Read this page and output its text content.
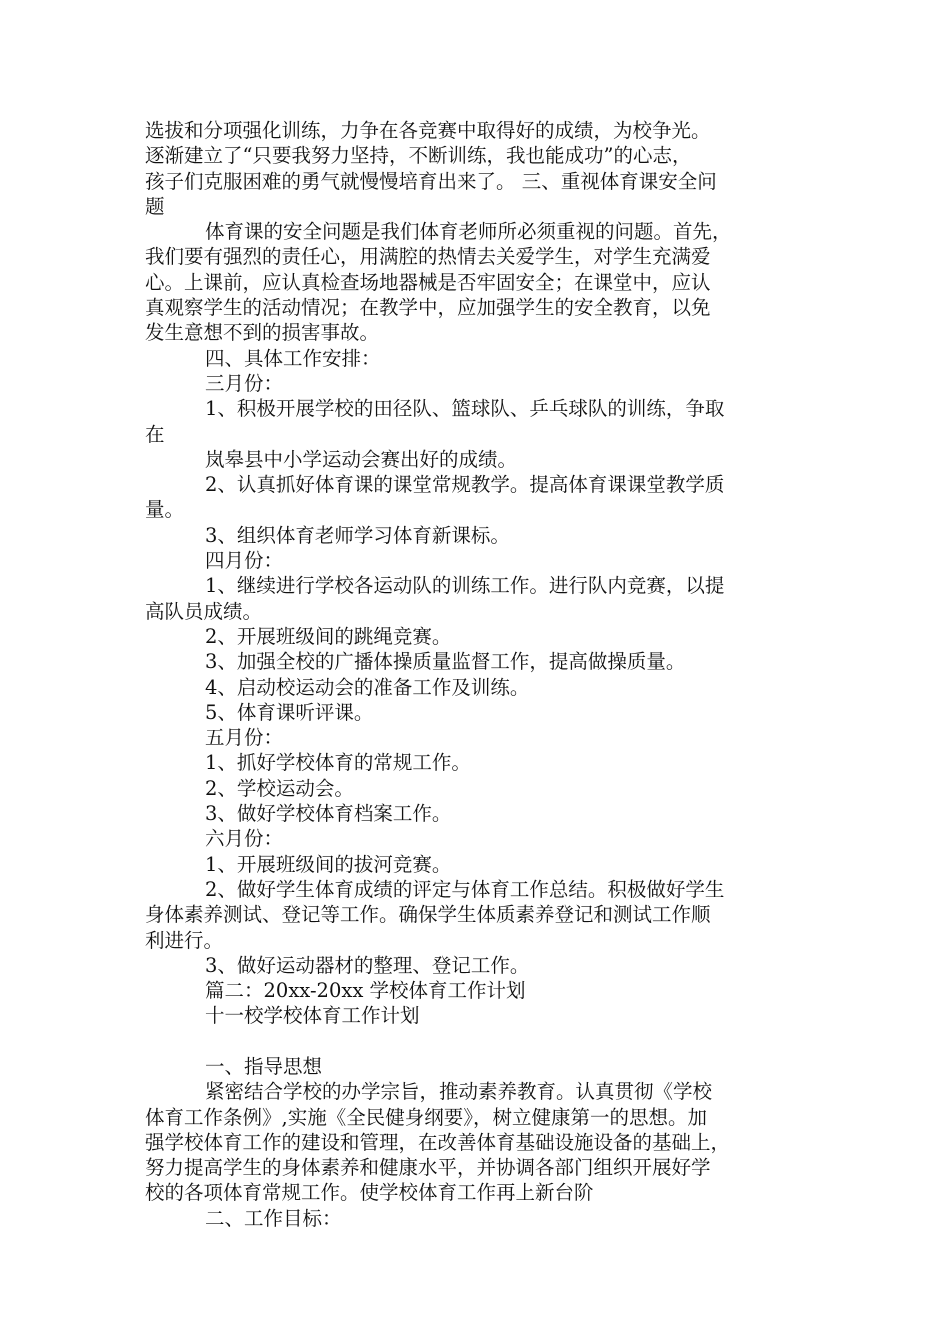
选拔和分项强化训练，力争在各竞赛中取得好的成绩，为校争光。
逐渐建立了“只要我努力坚持，不断训练，我也能成功”的心志，
孩子们克服困难的勇气就慢慢培育出来了。 三、重视体育课安全问
题
体育课的安全问题是我们体育老师所必须重视的问题。首先，
我们要有强烈的责任心，用满腔的热情去关爱学生，对学生充满爱
心。上课前，应认真检查场地器械是否牢固安全；在课堂中，应认
真观察学生的活动情况；在教学中，应加强学生的安全教育，以免
发生意想不到的损害事故。
四、具体工作安排：
三月份：
1、积极开展学校的田径队、篮球队、乒乓球队的训练，争取
在
岚皋县中小学运动会赛出好的成绩。
2、认真抓好体育课的课堂常规教学。提高体育课课堂教学质
量。
3、组织体育老师学习体育新课标。
四月份：
1、继续进行学校各运动队的训练工作。进行队内竞赛，以提
高队员成绩。
2、开展班级间的跳绳竞赛。
3、加强全校的广播体操质量监督工作，提高做操质量。
4、启动校运动会的准备工作及训练。
5、体育课听评课。
五月份：
1、抓好学校体育的常规工作。
2、学校运动会。
3、做好学校体育档案工作。
六月份：
1、开展班级间的拔河竞赛。
2、做好学生体育成绩的评定与体育工作总结。积极做好学生
身体素养测试、登记等工作。确保学生体质素养登记和测试工作顺
利进行。
3、做好运动器材的整理、登记工作。
篇二：20xx-20xx 学校体育工作计划
十一校学校体育工作计划
一、指导思想
紧密结合学校的办学宗旨，推动素养教育。认真贯彻《学校
体育工作条例》,实施《全民健身纲要》，树立健康第一的思想。加
强学校体育工作的建设和管理，在改善体育基础设施设备的基础上，
努力提高学生的身体素养和健康水平，并协调各部门组织开展好学
校的各项体育常规工作。使学校体育工作再上新台阶
二、工作目标：
